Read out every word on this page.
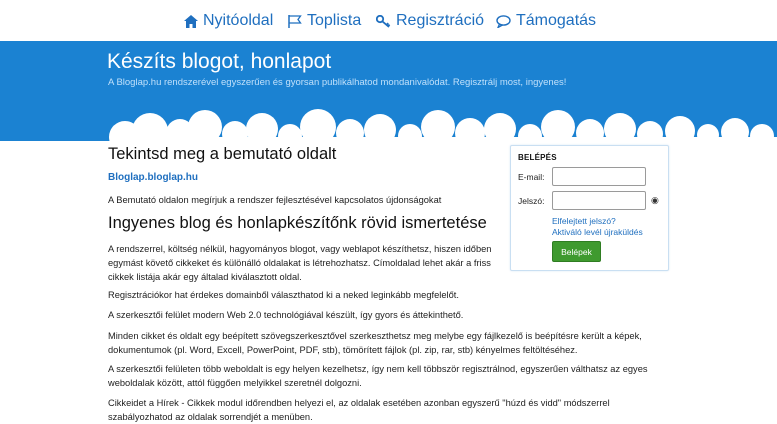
Nyitóoldal Toplista Regisztráció Támogatás
Készíts blogot, honlapot
A Bloglap.hu rendszerével egyszerűen és gyorsan publikálhatod mondanivalódat. Regisztrálj most, ingyenes!
Tekintsd meg a bemutató oldalt
Bloglap.bloglap.hu
A Bemutató oldalon megírjuk a rendszer fejlesztésével kapcsolatos újdonságokat
Ingyenes blog és honlapkészítőnk rövid ismertetése
A rendszerrel, költség nélkül, hagyományos blogot, vagy weblapot készíthetsz, hiszen időben egymást követő cikkeket és különálló oldalakat is létrehozhatsz. Címoldalad lehet akár a friss cikkek listája akár egy általad kiválasztott oldal.
Regisztrációkor hat érdekes domainből választhatod ki a neked leginkább megfelelőt.
A szerkesztői felület modern Web 2.0 technológiával készült, így gyors és áttekinthető.
Minden cikket és oldalt egy beépített szövegszerkesztővel szerkeszthetsz meg melybe egy fájlkezelő is beépítésre került a képek, dokumentumok (pl. Word, Excell, PowerPoint, PDF, stb), tömörített fájlok (pl. zip, rar, stb) kényelmes feltöltéséhez.
A szerkesztői felületen több weboldalt is egy helyen kezelhetsz, így nem kell többször regisztrálnod, egyszerűen válthatsz az egyes weboldalak között, attól függően melyikkel szeretnél dolgozni.
Cikkeidet a Hírek - Cikkek modul időrendben helyezi el, az oldalak esetében azonban egyszerű "húzd és vidd" módszerrel szabályozhatod az oldalak sorrendjét a menüben.
BELÉPÉS
E-mail:
Jelszó:	◉
Elfelejtett jelszó?
Aktiváló levél újraküldés
Belépek
